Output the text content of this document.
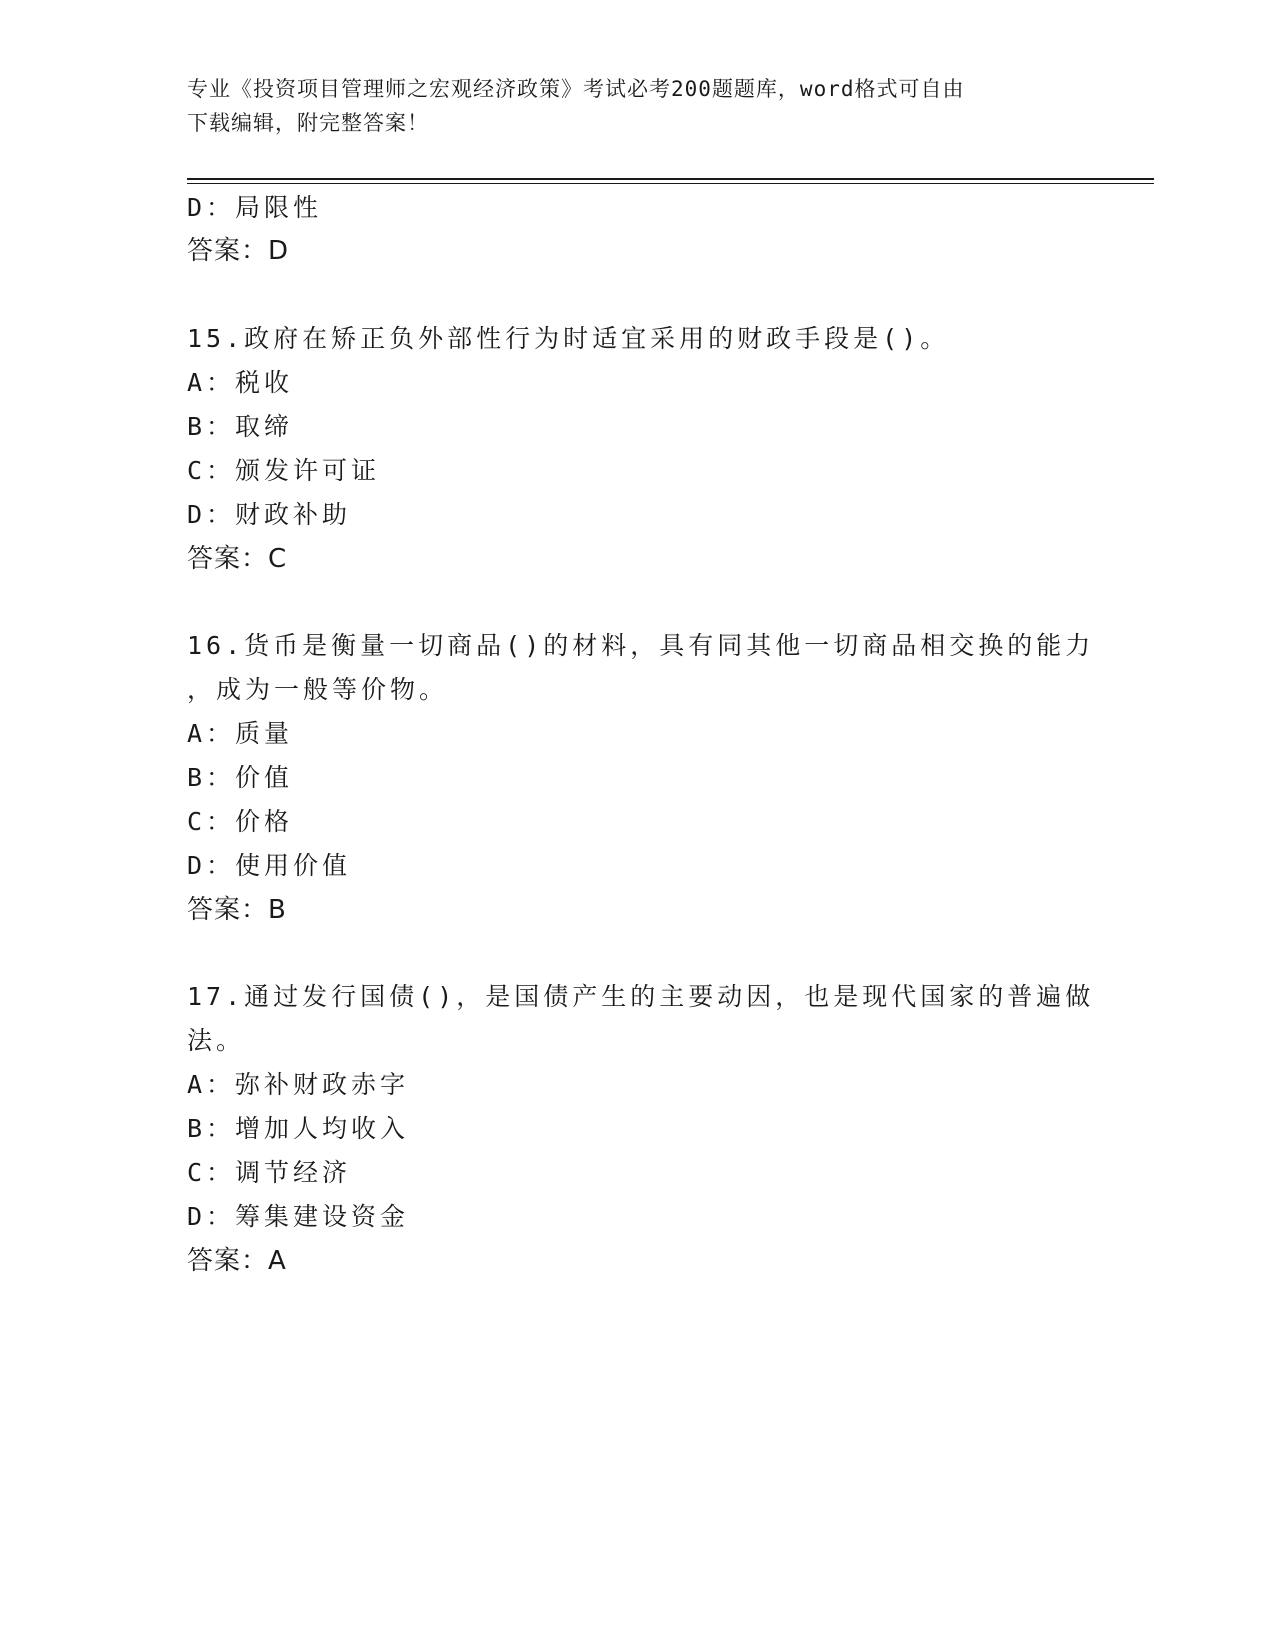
专业《投资项目管理师之宏观经济政策》考试必考200题题库，word格式可自由
下载编辑，附完整答案！
D：局限性
答案：D
15.政府在矫正负外部性行为时适宜采用的财政手段是()。
A：税收
B：取缔
C：颁发许可证
D：财政补助
答案：C
16.货币是衡量一切商品()的材料，具有同其他一切商品相交换的能力
，成为一般等价物。
A：质量
B：价值
C：价格
D：使用价值
答案：B
17.通过发行国债()，是国债产生的主要动因，也是现代国家的普遍做
法。
A：弥补财政赤字
B：增加人均收入
C：调节经济
D：筹集建设资金
答案：A
